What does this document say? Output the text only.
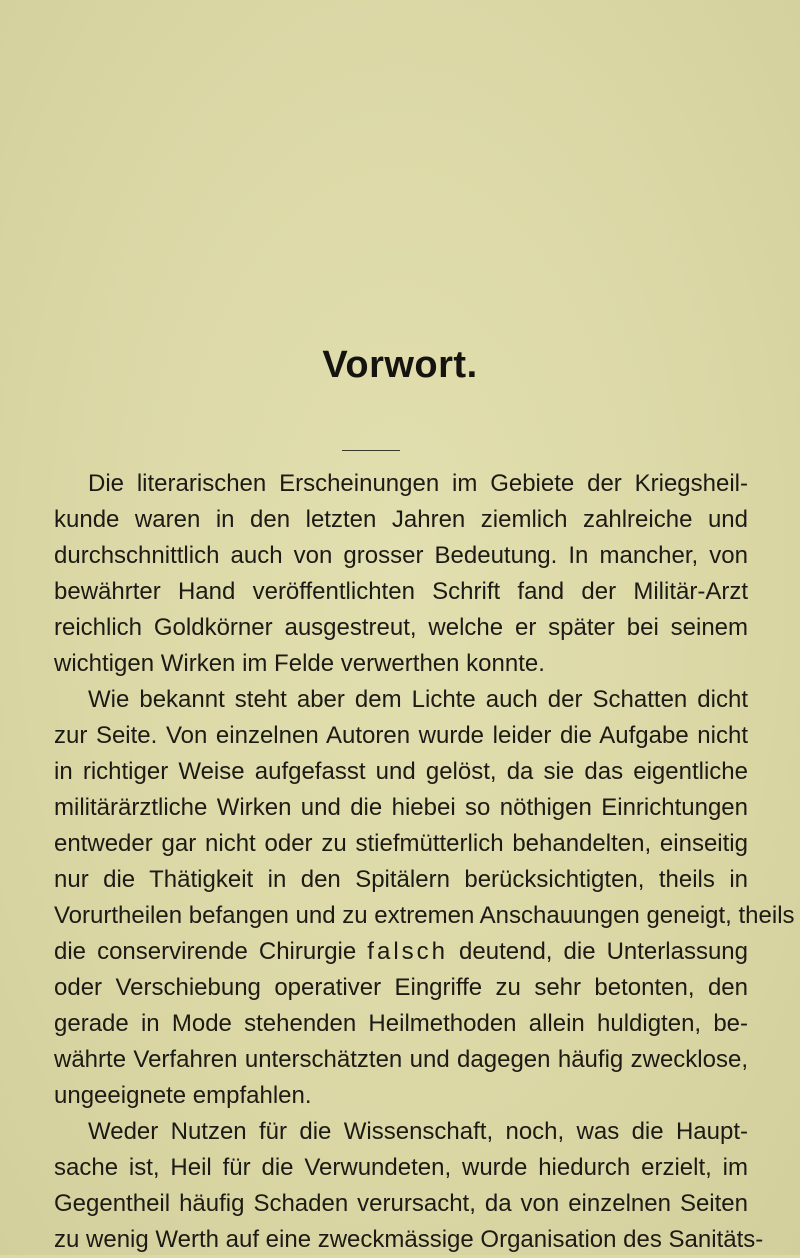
Vorwort.
Die literarischen Erscheinungen im Gebiete der Kriegsheil-
kunde waren in den letzten Jahren ziemlich zahlreiche und
durchschnittlich auch von grosser Bedeutung. In mancher, von
bewährter Hand veröffentlichten Schrift fand der Militär-Arzt
reichlich Goldkörner ausgestreut, welche er später bei seinem
wichtigen Wirken im Felde verwerthen konnte.
Wie bekannt steht aber dem Lichte auch der Schatten dicht
zur Seite. Von einzelnen Autoren wurde leider die Aufgabe nicht
in richtiger Weise aufgefasst und gelöst, da sie das eigentliche
militärärztliche Wirken und die hiebei so nöthigen Einrichtungen
entweder gar nicht oder zu stiefmütterlich behandelten, einseitig
nur die Thätigkeit in den Spitälern berücksichtigten, theils in
Vorurtheilen befangen und zu extremen Anschauungen geneigt, theils
die conservirende Chirurgie falsch deutend, die Unterlassung
oder Verschiebung operativer Eingriffe zu sehr betonten, den
gerade in Mode stehenden Heilmethoden allein huldigten, be-
währte Verfahren unterschätzten und dagegen häufig zwecklose,
ungeeignete empfahlen.
Weder Nutzen für die Wissenschaft, noch, was die Haupt-
sache ist, Heil für die Verwundeten, wurde hiedurch erzielt, im
Gegentheil häufig Schaden verursacht, da von einzelnen Seiten
zu wenig Werth auf eine zweckmässige Organisation des Sanitäts-
